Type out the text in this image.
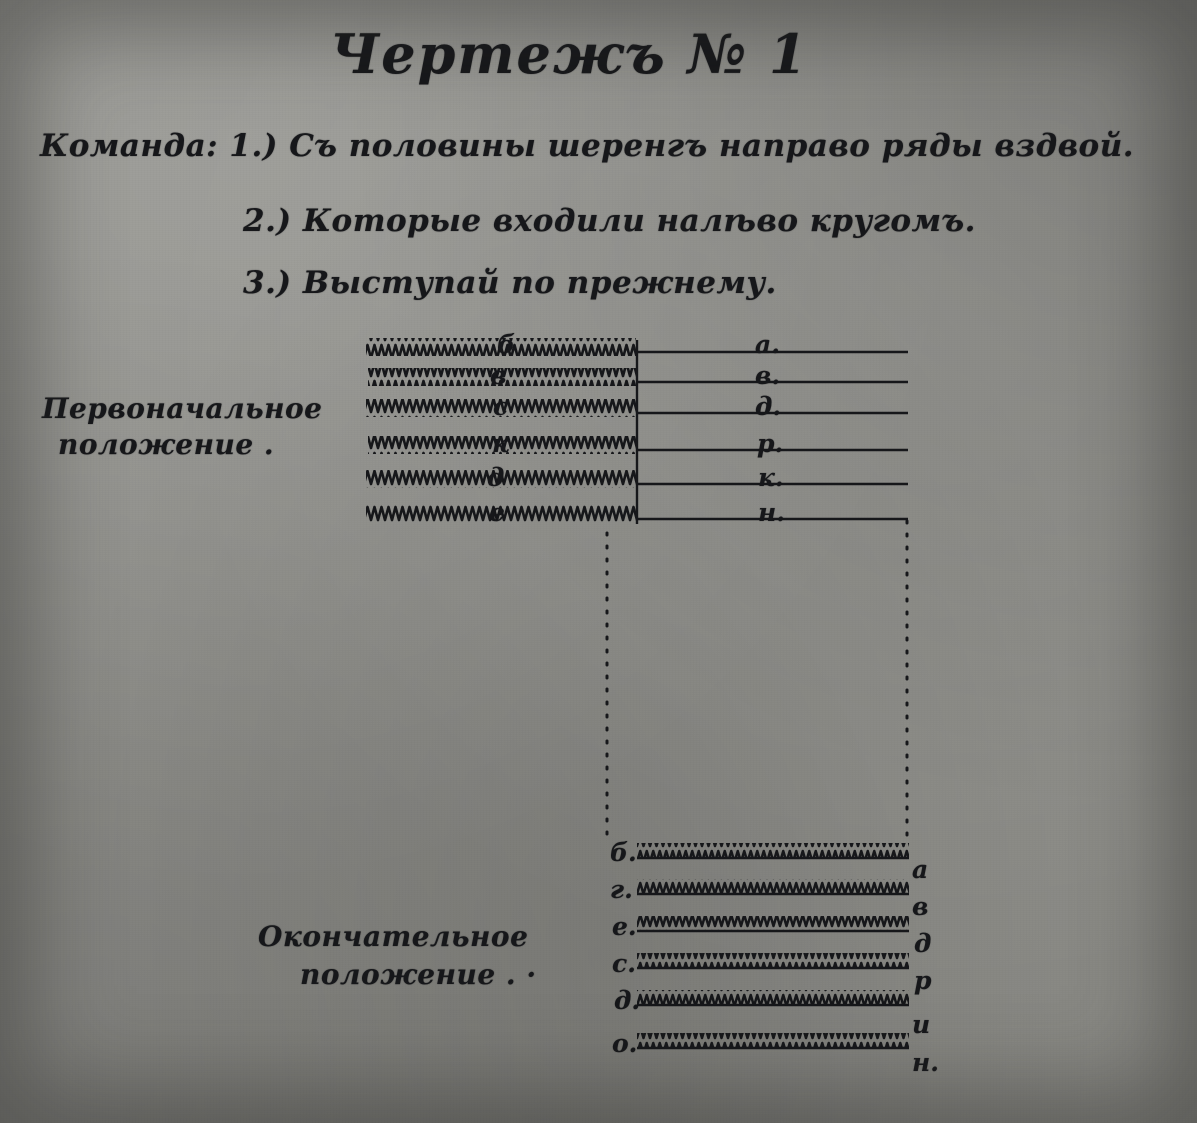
Чертежъ № 1
Команда: 1.) Съ половины шеренгъ направо ряды вздвой.
2.) Которые входили налѣво кругомъ.
3.) Выступай по прежнему.
Первоначальное
положение .
Окончательное
положение . ·
б
в
с
к
д
е
а.
в.
д.
р.
к.
н.
б.
г.
е.
с.
д.
о.
а
в
д
р
и
н.
